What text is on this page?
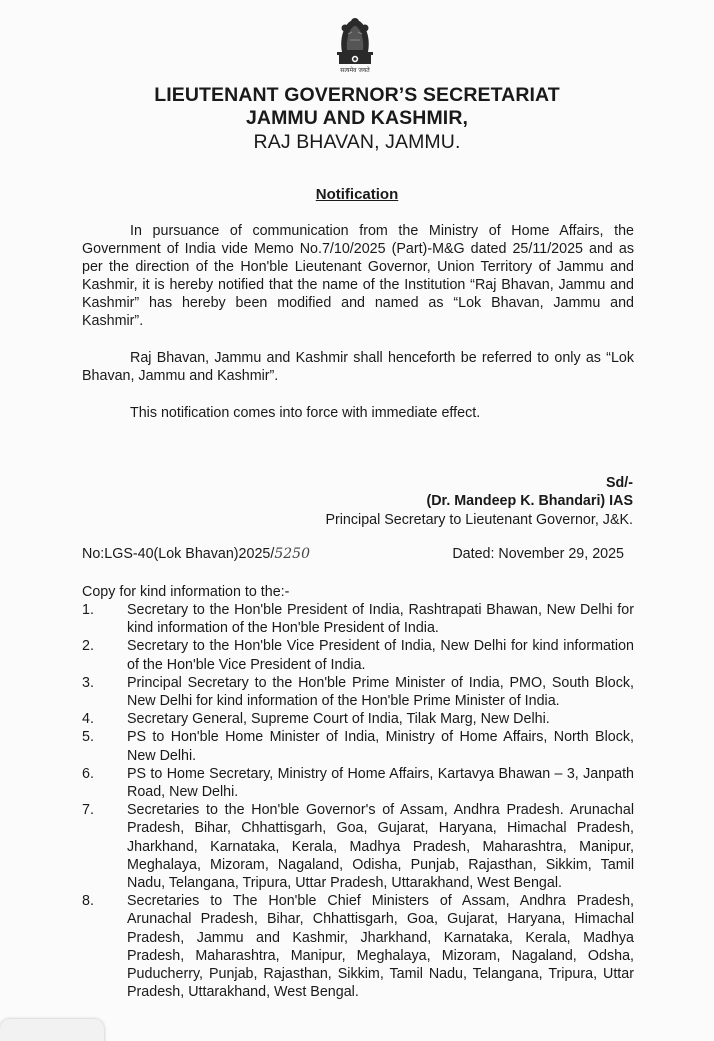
सत्यमेव जयते
LIEUTENANT GOVERNOR’S SECRETARIAT
JAMMU AND KASHMIR,
RAJ BHAVAN, JAMMU.
Notification
In pursuance of communication from the Ministry of Home Affairs, the Government of India vide Memo No.7/10/2025 (Part)-M&G dated 25/11/2025 and as per the direction of the Hon'ble Lieutenant Governor, Union Territory of Jammu and Kashmir, it is hereby notified that the name of the Institution “Raj Bhavan, Jammu and Kashmir” has hereby been modified and named as “Lok Bhavan, Jammu and Kashmir”.
Raj Bhavan, Jammu and Kashmir shall henceforth be referred to only as “Lok Bhavan, Jammu and Kashmir”.
This notification comes into force with immediate effect.
Sd/-
(Dr. Mandeep K. Bhandari) IAS
Principal Secretary to Lieutenant Governor, J&K.
No:LGS-40(Lok Bhavan)2025/5250	Dated: November 29, 2025
Copy for kind information to the:-
1.	Secretary to the Hon'ble President of India, Rashtrapati Bhawan, New Delhi for kind information of the Hon'ble President of India.
2.	Secretary to the Hon'ble Vice President of India, New Delhi for kind information of the Hon'ble Vice President of India.
3.	Principal Secretary to the Hon'ble Prime Minister of India, PMO, South Block, New Delhi for kind information of the Hon'ble Prime Minister of India.
4.	Secretary General, Supreme Court of India, Tilak Marg, New Delhi.
5.	PS to Hon'ble Home Minister of India, Ministry of Home Affairs, North Block, New Delhi.
6.	PS to Home Secretary, Ministry of Home Affairs, Kartavya Bhawan – 3, Janpath Road, New Delhi.
7.	Secretaries to the Hon'ble Governor's of Assam, Andhra Pradesh. Arunachal Pradesh, Bihar, Chhattisgarh, Goa, Gujarat, Haryana, Himachal Pradesh, Jharkhand, Karnataka, Kerala, Madhya Pradesh, Maharashtra, Manipur, Meghalaya, Mizoram, Nagaland, Odisha, Punjab, Rajasthan, Sikkim, Tamil Nadu, Telangana, Tripura, Uttar Pradesh, Uttarakhand, West Bengal.
8.	Secretaries to The Hon'ble Chief Ministers of Assam, Andhra Pradesh, Arunachal Pradesh, Bihar, Chhattisgarh, Goa, Gujarat, Haryana, Himachal Pradesh, Jammu and Kashmir, Jharkhand, Karnataka, Kerala, Madhya Pradesh, Maharashtra, Manipur, Meghalaya, Mizoram, Nagaland, Odsha, Puducherry, Punjab, Rajasthan, Sikkim, Tamil Nadu, Telangana, Tripura, Uttar Pradesh, Uttarakhand, West Bengal.
